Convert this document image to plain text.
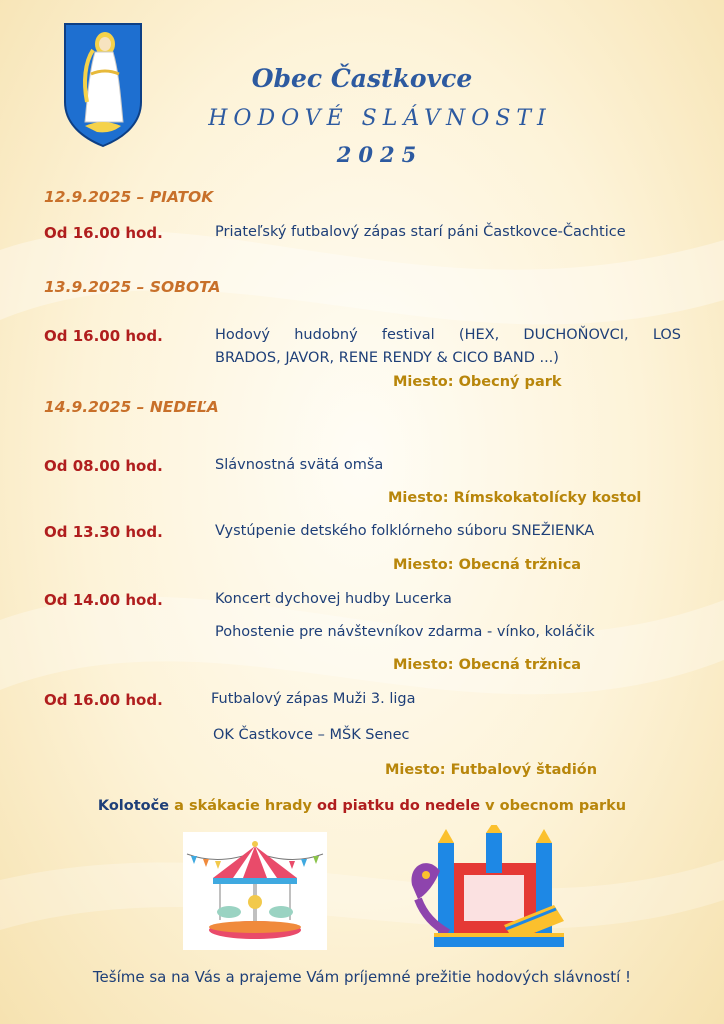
Obec Častkovce
HODOVÉ SLÁVNOSTI
2025
12.9.2025 – PIATOK
Od 16.00 hod.	Priateľský futbalový zápas starí páni Častkovce-Čachtice
13.9.2025 – SOBOTA
Od 16.00 hod.	Hodový hudobný festival (HEX, DUCHOŇOVCI, LOS
BRADOS, JAVOR, RENE RENDY & CICO BAND ...)
Miesto: Obecný park
14.9.2025 – NEDEĽA
Od 08.00 hod.	Slávnostná svätá omša
Miesto: Rímskokatolícky kostol
Od 13.30 hod.	Vystúpenie detského folklórneho súboru SNEŽIENKA
Miesto: Obecná tržnica
Od 14.00 hod.	Koncert dychovej hudby Lucerka
Pohostenie pre návštevníkov zdarma - vínko, koláčik
Miesto: Obecná tržnica
Od 16.00 hod.	Futbalový zápas Muži 3. liga
OK Častkovce – MŠK Senec
Miesto: Futbalový štadión
Kolotoče a skákacie hrady od piatku do nedele v obecnom parku
Tešíme sa na Vás a prajeme Vám príjemné prežitie hodových slávností !
